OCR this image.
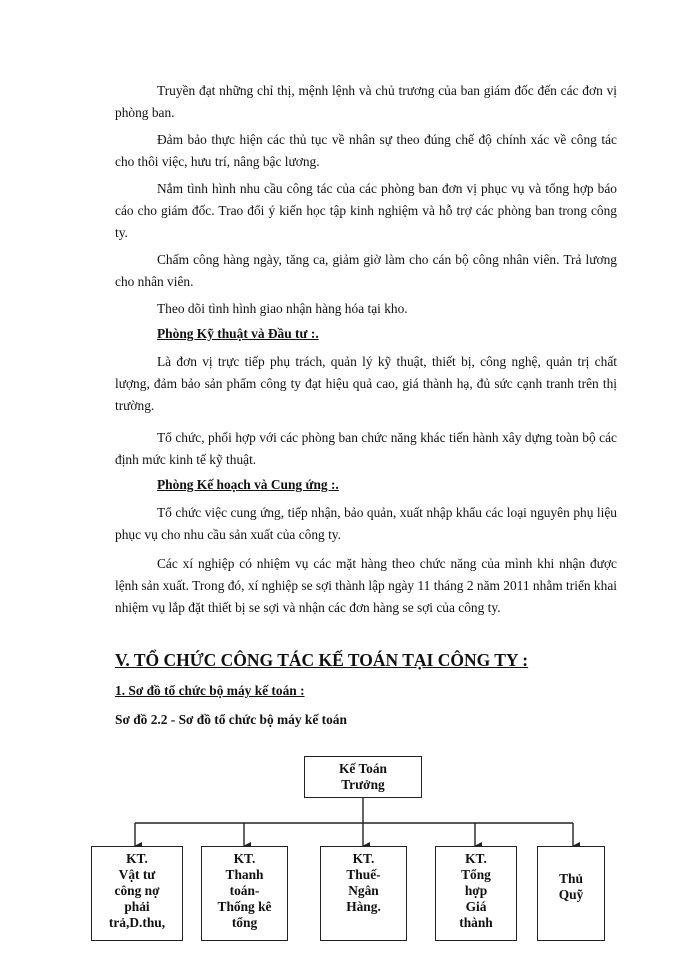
Truyền đạt những chỉ thị, mệnh lệnh và chủ trương của ban giám đốc đến các đơn vị phòng ban.

Đảm bảo thực hiện các thủ tục về nhân sự theo đúng chế độ chính xác về công tác cho thôi việc, hưu trí, nâng bậc lương.

Nắm tình hình nhu cầu công tác của các phòng ban đơn vị phục vụ và tổng hợp báo cáo cho giám đốc. Trao đổi ý kiến học tập kinh nghiệm và hỗ trợ các phòng ban trong công ty.

Chấm công hàng ngày, tăng ca, giảm giờ làm cho cán bộ công nhân viên. Trả lương cho nhân viên.

Theo dõi tình hình giao nhận hàng hóa tại kho.

Phòng Kỹ thuật và Đầu tư :.

Là đơn vị trực tiếp phụ trách, quản lý kỹ thuật, thiết bị, công nghệ, quản trị chất lượng, đảm bảo sản phẩm công ty đạt hiệu quả cao, giá thành hạ, đủ sức cạnh tranh trên thị trường.

Tổ chức, phối hợp với các phòng ban chức năng khác tiến hành xây dựng toàn bộ các định mức kinh tế kỹ thuật.

Phòng Kế hoạch và Cung ứng :.

Tổ chức việc cung ứng, tiếp nhận, bảo quản, xuất nhập khẩu các loại nguyên phụ liệu phục vụ cho nhu cầu sản xuất của công ty.

Các xí nghiệp có nhiệm vụ các mặt hàng theo chức năng của mình khi nhận được lệnh sản xuất. Trong đó, xí nghiệp se sợi thành lập ngày 11 tháng 2 năm 2011 nhằm triển khai nhiệm vụ lắp đặt thiết bị se sợi và nhận các đơn hàng se sợi của công ty.

V. TỔ CHỨC CÔNG TÁC KẾ TOÁN TẠI CÔNG TY :

1. Sơ đồ tổ chức bộ máy kế toán :

Sơ đồ 2.2 - Sơ đồ tổ chức bộ máy kế toán

Kế Toán
Trưởng
KT.
Vật tư
công nợ
phải
trả,D.thu,
KT.
Thanh
toán-
Thống kê
tổng
KT.
Thuế-
Ngân
Hàng.
KT.
Tổng
hợp
Giá
thành
Thủ
Quỹ
